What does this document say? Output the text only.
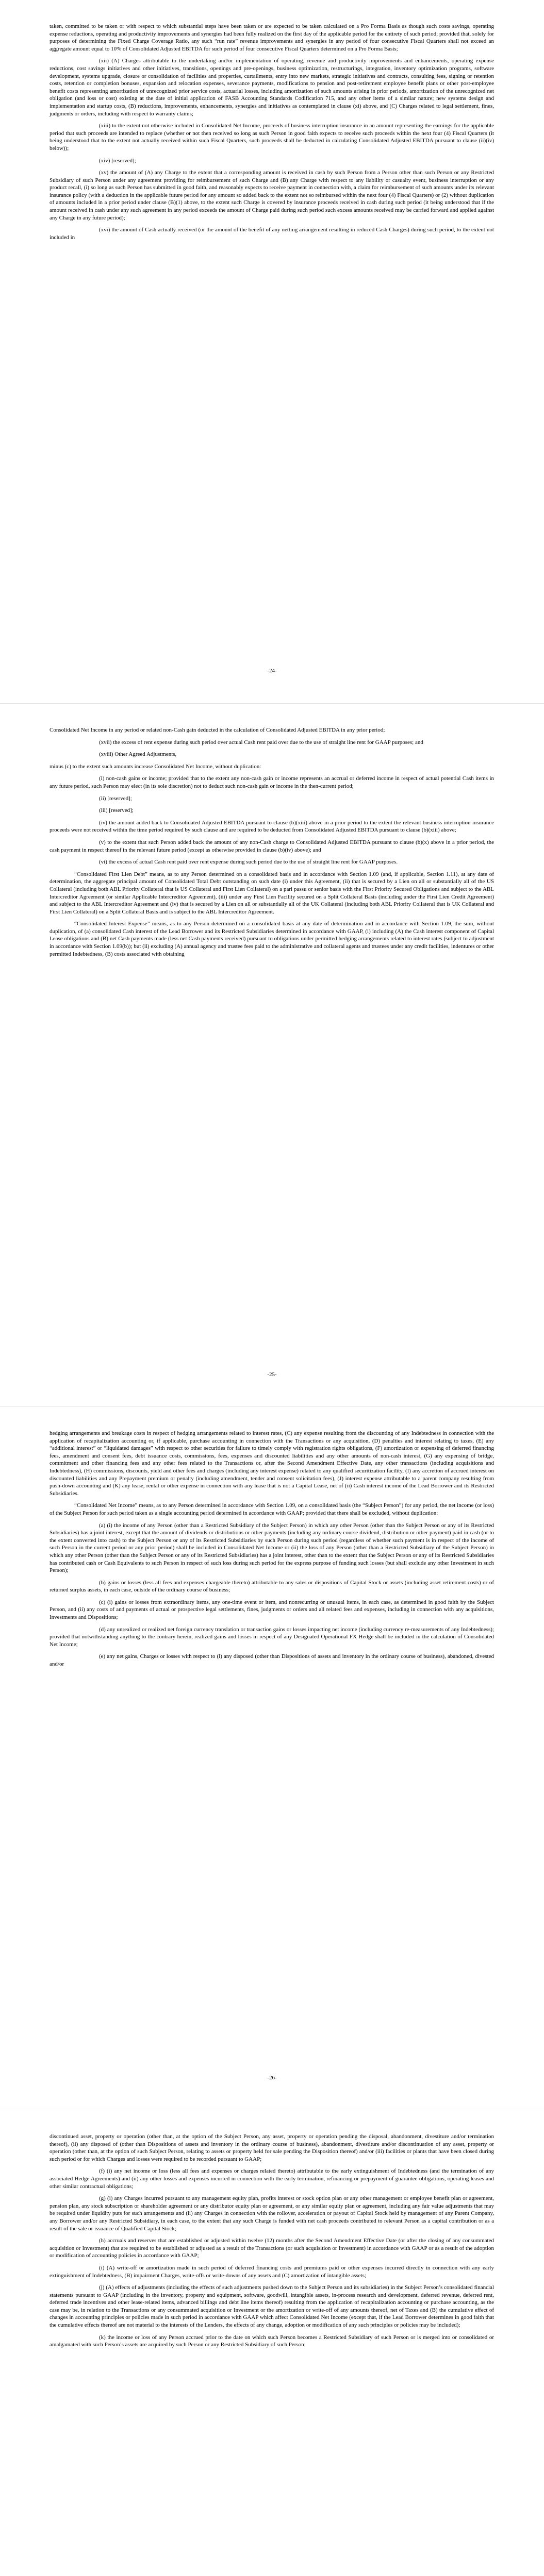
taken, committed to be taken or with respect to which substantial steps have been taken or are expected to be taken calculated on a Pro Forma Basis as though such costs savings, operating expense reductions, operating and productivity improvements and synergies had been fully realized on the first day of the applicable period for the entirety of such period; provided that, solely for purposes of determining the Fixed Charge Coverage Ratio, any such “run rate” revenue improvements and synergies in any period of four consecutive Fiscal Quarters shall not exceed an aggregate amount equal to 10% of Consolidated Adjusted EBITDA for such period of four consecutive Fiscal Quarters determined on a Pro Forma Basis;

(xii) (A) Charges attributable to the undertaking and/or implementation of operating, revenue and productivity improvements and enhancements, operating expense reductions, cost savings initiatives and other initiatives, transitions, openings and pre-openings, business optimization, restructurings, integration, inventory optimization programs, software development, systems upgrade, closure or consolidation of facilities and properties, curtailments, entry into new markets, strategic initiatives and contracts, consulting fees, signing or retention costs, retention or completion bonuses, expansion and relocation expenses, severance payments, modifications to pension and post-retirement employee benefit plans or other post-employee benefit costs representing amortization of unrecognized prior service costs, actuarial losses, including amortization of such amounts arising in prior periods, amortization of the unrecognized net obligation (and loss or cost) existing at the date of initial application of FASB Accounting Standards Codification 715, and any other items of a similar nature; new systems design and implementation and startup costs, (B) reductions, improvements, enhancements, synergies and initiatives as contemplated in clause (xi) above, and (C) Charges related to legal settlement, fines, judgments or orders, including with respect to warranty claims;

(xiii) to the extent not otherwise included in Consolidated Net Income, proceeds of business interruption insurance in an amount representing the earnings for the applicable period that such proceeds are intended to replace (whether or not then received so long as such Person in good faith expects to receive such proceeds within the next four (4) Fiscal Quarters (it being understood that to the extent not actually received within such Fiscal Quarters, such proceeds shall be deducted in calculating Consolidated Adjusted EBITDA pursuant to clause (ii)(iv) below));

(xiv) [reserved];

(xv) the amount of (A) any Charge to the extent that a corresponding amount is received in cash by such Person from a Person other than such Person or any Restricted Subsidiary of such Person under any agreement providing for reimbursement of such Charge and (B) any Charge with respect to any liability or casualty event, business interruption or any product recall, (i) so long as such Person has submitted in good faith, and reasonably expects to receive payment in connection with, a claim for reimbursement of such amounts under its relevant insurance policy (with a deduction in the applicable future period for any amount so added back to the extent not so reimbursed within the next four (4) Fiscal Quarters) or (2) without duplication of amounts included in a prior period under clause (B)(1) above, to the extent such Charge is covered by insurance proceeds received in cash during such period (it being understood that if the amount received in cash under any such agreement in any period exceeds the amount of Charge paid during such period such excess amounts received may be carried forward and applied against any Charge in any future period);

(xvi) the amount of Cash actually received (or the amount of the benefit of any netting arrangement resulting in reduced Cash Charges) during such period, to the extent not included in

-24-

Consolidated Net Income in any period or related non-Cash gain deducted in the calculation of Consolidated Adjusted EBITDA in any prior period;

(xvii) the excess of rent expense during such period over actual Cash rent paid over due to the use of straight line rent for GAAP purposes; and

(xviii) Other Agreed Adjustments,

minus (c) to the extent such amounts increase Consolidated Net Income, without duplication:

(i) non-cash gains or income; provided that to the extent any non-cash gain or income represents an accrual or deferred income in respect of actual potential Cash items in any future period, such Person may elect (in its sole discretion) not to deduct such non-cash gain or income in the then-current period;

(ii) [reserved];

(iii) [reserved];

(iv) the amount added back to Consolidated Adjusted EBITDA pursuant to clause (b)(xiii) above in a prior period to the extent the relevant business interruption insurance proceeds were not received within the time period required by such clause and are required to be deducted from Consolidated Adjusted EBITDA pursuant to clause (b)(xiii) above;

(v) to the extent that such Person added back the amount of any non-Cash charge to Consolidated Adjusted EBITDA pursuant to clause (b)(x) above in a prior period, the cash payment in respect thereof in the relevant future period (except as otherwise provided in clause (b)(iv) above); and

(vi) the excess of actual Cash rent paid over rent expense during such period due to the use of straight line rent for GAAP purposes.

“Consolidated First Lien Debt” means, as to any Person determined on a consolidated basis and in accordance with Section 1.09 (and, if applicable, Section 1.11), at any date of determination, the aggregate principal amount of Consolidated Total Debt outstanding on such date (i) under this Agreement, (ii) that is secured by a Lien on all or substantially all of the US Collateral (including both ABL Priority Collateral that is US Collateral and First Lien Collateral) on a pari passu or senior basis with the First Priority Secured Obligations and subject to the ABL Intercreditor Agreement (or similar Applicable Intercreditor Agreement), (iii) under any First Lien Facility secured on a Split Collateral Basis (including under the First Lien Credit Agreement) and subject to the ABL Intercreditor Agreement and (iv) that is secured by a Lien on all or substantially all of the UK Collateral (including both ABL Priority Collateral that is UK Collateral and First Lien Collateral) on a Split Collateral Basis and is subject to the ABL Intercreditor Agreement.

“Consolidated Interest Expense” means, as to any Person determined on a consolidated basis at any date of determination and in accordance with Section 1.09, the sum, without duplication, of (a) consolidated Cash interest of the Lead Borrower and its Restricted Subsidiaries determined in accordance with GAAP, (i) including (A) the Cash interest component of Capital Lease obligations and (B) net Cash payments made (less net Cash payments received) pursuant to obligations under permitted hedging arrangements related to interest rates (subject to adjustment in accordance with Section 1.09(b)); but (ii) excluding (A) annual agency and trustee fees paid to the administrative and collateral agents and trustees under any credit facilities, indentures or other permitted Indebtedness, (B) costs associated with obtaining

-25-

hedging arrangements and breakage costs in respect of hedging arrangements related to interest rates, (C) any expense resulting from the discounting of any Indebtedness in connection with the application of recapitalization accounting or, if applicable, purchase accounting in connection with the Transactions or any acquisition, (D) penalties and interest relating to taxes, (E) any “additional interest” or “liquidated damages” with respect to other securities for failure to timely comply with registration rights obligations, (F) amortization or expensing of deferred financing fees, amendment and consent fees, debt issuance costs, commissions, fees, expenses and discounted liabilities and any other amounts of non-cash interest, (G) any expensing of bridge, commitment and other financing fees and any other fees related to the Transactions or, after the Second Amendment Effective Date, any other transactions (including acquisitions and Indebtedness), (H) commissions, discounts, yield and other fees and charges (including any interest expense) related to any qualified securitization facility, (I) any accretion of accrued interest on discounted liabilities and any Prepayment premium or penalty (including amendment, tender and consent solicitation fees), (J) interest expense attributable to a parent company resulting from push-down accounting and (K) any lease, rental or other expense in connection with any lease that is not a Capital Lease, net of (ii) Cash interest income of the Lead Borrower and its Restricted Subsidiaries.

“Consolidated Net Income” means, as to any Person determined in accordance with Section 1.09, on a consolidated basis (the “Subject Person”) for any period, the net income (or loss) of the Subject Person for such period taken as a single accounting period determined in accordance with GAAP; provided that there shall be excluded, without duplication:

(a) (i) the income of any Person (other than a Restricted Subsidiary of the Subject Person) in which any other Person (other than the Subject Person or any of its Restricted Subsidiaries) has a joint interest, except that the amount of dividends or distributions or other payments (including any ordinary course dividend, distribution or other payment) paid in cash (or to the extent converted into cash) to the Subject Person or any of its Restricted Subsidiaries by such Person during such period (regardless of whether such payment is in respect of the income of such Person in the current period or any prior period) shall be included in Consolidated Net Income or (ii) the loss of any Person (other than a Restricted Subsidiary of the Subject Person) in which any other Person (other than the Subject Person or any of its Restricted Subsidiaries) has a joint interest, other than to the extent that the Subject Person or any of its Restricted Subsidiaries has contributed cash or Cash Equivalents to such Person in respect of such loss during such period for the express purpose of funding such losses (but shall exclude any other Investment in such Person);

(b) gains or losses (less all fees and expenses chargeable thereto) attributable to any sales or dispositions of Capital Stock or assets (including asset retirement costs) or of returned surplus assets, in each case, outside of the ordinary course of business;

(c) (i) gains or losses from extraordinary items, any one-time event or item, and nonrecurring or unusual items, in each case, as determined in good faith by the Subject Person, and (ii) any costs of and payments of actual or prospective legal settlements, fines, judgments or orders and all related fees and expenses, including in connection with any acquisitions, Investments and Dispositions;

(d) any unrealized or realized net foreign currency translation or transaction gains or losses impacting net income (including currency re-measurements of any Indebtedness); provided that notwithstanding anything to the contrary herein, realized gains and losses in respect of any Designated Operational FX Hedge shall be included in the calculation of Consolidated Net Income;

(e) any net gains, Charges or losses with respect to (i) any disposed (other than Dispositions of assets and inventory in the ordinary course of business), abandoned, divested and/or

-26-

discontinued asset, property or operation (other than, at the option of the Subject Person, any asset, property or operation pending the disposal, abandonment, divestiture and/or termination thereof), (ii) any disposed of (other than Dispositions of assets and inventory in the ordinary course of business), abandonment, divestiture and/or discontinuation of any asset, property or operation (other than, at the option of such Subject Person, relating to assets or property held for sale pending the Disposition thereof) and/or (iii) facilities or plants that have been closed during such period or for which Charges and losses were required to be recorded pursuant to GAAP;

(f) (i) any net income or loss (less all fees and expenses or charges related thereto) attributable to the early extinguishment of Indebtedness (and the termination of any associated Hedge Agreements) and (ii) any other losses and expenses incurred in connection with the early termination, refinancing or prepayment of guarantee obligations, operating leases and other similar contractual obligations;

(g) (i) any Charges incurred pursuant to any management equity plan, profits interest or stock option plan or any other management or employee benefit plan or agreement, pension plan, any stock subscription or shareholder agreement or any distributor equity plan or agreement, or any similar equity plan or agreement, including any fair value adjustments that may be required under liquidity puts for such arrangements and (ii) any Charges in connection with the rollover, acceleration or payout of Capital Stock held by management of any Parent Company, any Borrower and/or any Restricted Subsidiary, in each case, to the extent that any such Charge is funded with net cash proceeds contributed to relevant Person as a capital contribution or as a result of the sale or issuance of Qualified Capital Stock;

(h) accruals and reserves that are established or adjusted within twelve (12) months after the Second Amendment Effective Date (or after the closing of any consummated acquisition or Investment) that are required to be established or adjusted as a result of the Transactions (or such acquisition or Investment) in accordance with GAAP or as a result of the adoption or modification of accounting policies in accordance with GAAP;

(i) (A) write-off or amortization made in such period of deferred financing costs and premiums paid or other expenses incurred directly in connection with any early extinguishment of Indebtedness, (B) impairment Charges, write-offs or write-downs of any assets and (C) amortization of intangible assets;

(j) (A) effects of adjustments (including the effects of such adjustments pushed down to the Subject Person and its subsidiaries) in the Subject Person’s consolidated financial statements pursuant to GAAP (including in the inventory, property and equipment, software, goodwill, intangible assets, in-process research and development, deferred revenue, deferred rent, deferred trade incentives and other lease-related items, advanced billings and debt line items thereof) resulting from the application of recapitalization accounting or purchase accounting, as the case may be, in relation to the Transactions or any consummated acquisition or Investment or the amortization or write-off of any amounts thereof, net of Taxes and (B) the cumulative effect of changes in accounting principles or policies made in such period in accordance with GAAP which affect Consolidated Net Income (except that, if the Lead Borrower determines in good faith that the cumulative effects thereof are not material to the interests of the Lenders, the effects of any change, adoption or modification of any such principles or policies may be included);

(k) the income or loss of any Person accrued prior to the date on which such Person becomes a Restricted Subsidiary of such Person or is merged into or consolidated or amalgamated with such Person’s assets are acquired by such Person or any Restricted Subsidiary of such Person;
